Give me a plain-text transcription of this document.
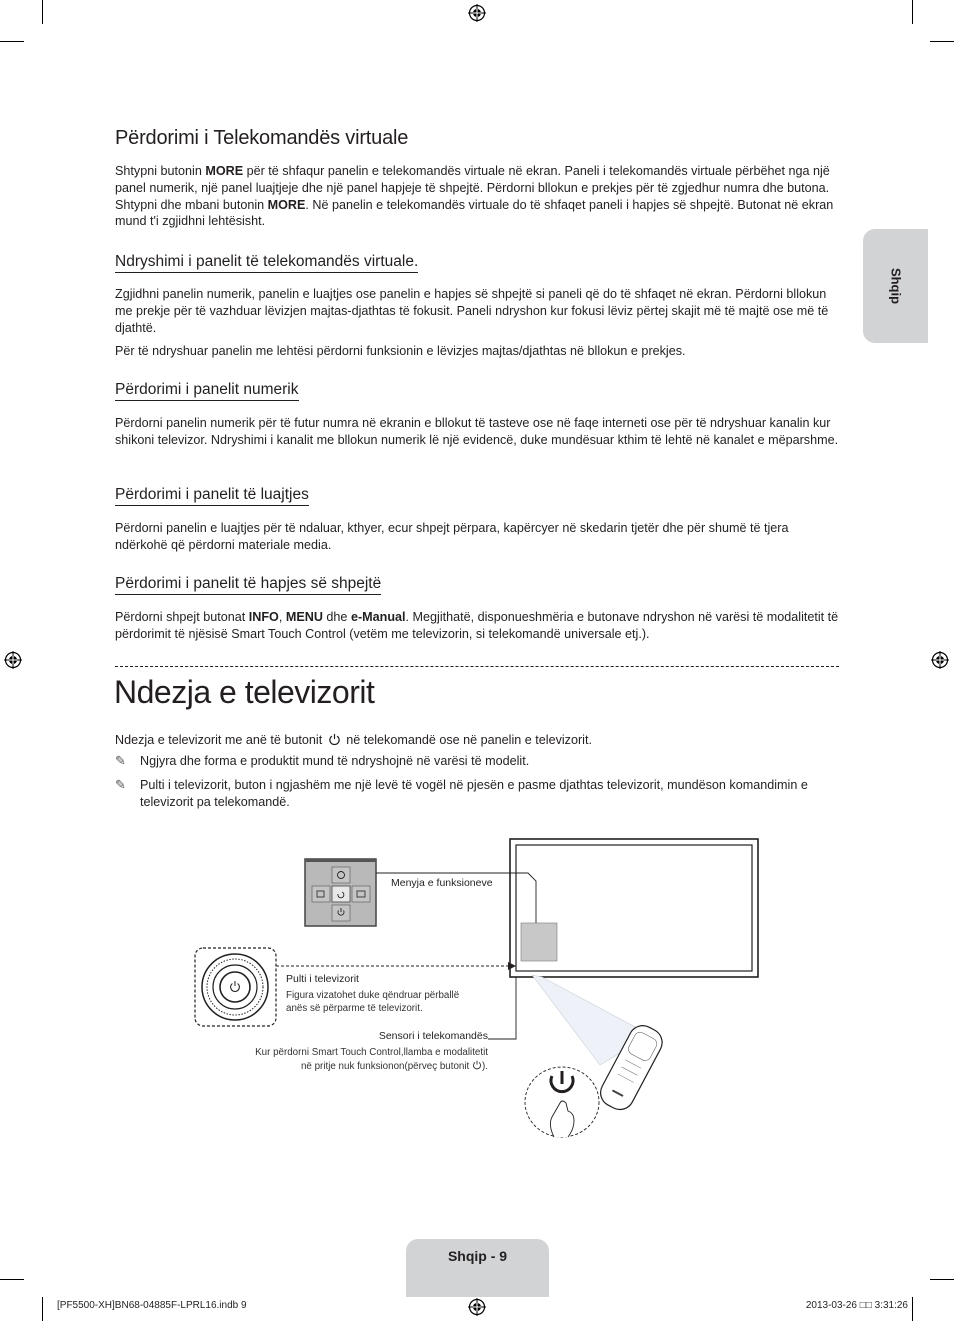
Shqip
Përdorimi i Telekomandës virtuale

Shtypni butonin MORE për të shfaqur panelin e telekomandës virtuale në ekran. Paneli i telekomandës virtuale përbëhet nga një panel numerik, një panel luajtjeje dhe një panel hapjeje të shpejtë. Përdorni bllokun e prekjes për të zgjedhur numra dhe butona. Shtypni dhe mbani butonin MORE. Në panelin e telekomandës virtuale do të shfaqet paneli i hapjes së shpejtë. Butonat në ekran mund t'i zgjidhni lehtësisht.

Ndryshimi i panelit të telekomandës virtuale.

Zgjidhni panelin numerik, panelin e luajtjes ose panelin e hapjes së shpejtë si paneli që do të shfaqet në ekran. Përdorni bllokun me prekje për të vazhduar lëvizjen majtas-djathtas të fokusit. Paneli ndryshon kur fokusi lëviz përtej skajit më të majtë ose më të djathtë.

Për të ndryshuar panelin me lehtësi përdorni funksionin e lëvizjes majtas/djathtas në bllokun e prekjes.

Përdorimi i panelit numerik

Përdorni panelin numerik për të futur numra në ekranin e bllokut të tasteve ose në faqe interneti ose për të ndryshuar kanalin kur shikoni televizor. Ndryshimi i kanalit me bllokun numerik lë një evidencë, duke mundësuar kthim të lehtë në kanalet e mëparshme.

Përdorimi i panelit të luajtjes

Përdorni panelin e luajtjes për të ndaluar, kthyer, ecur shpejt përpara, kapërcyer në skedarin tjetër dhe për shumë të tjera ndërkohë që përdorni materiale media.

Përdorimi i panelit të hapjes së shpejtë

Përdorni shpejt butonat INFO, MENU dhe e-Manual. Megjithatë, disponueshmëria e butonave ndryshon në varësi të modalitetit të përdorimit të njësisë Smart Touch Control (vetëm me televizorin, si telekomandë universale etj.).

Ndezja e televizorit
Ndezja e televizorit me anë të butonit në telekomandë ose në panelin e televizorit.
✎	Ngjyra dhe forma e produktit mund të ndryshojnë në varësi të modelit.
✎	Pulti i televizorit, buton i ngjashëm me një levë të vogël në pjesën e pasme djathtas televizorit, mundëson komandimin e televizorit pa telekomandë.
Menyja e funksioneve
Pulti i televizorit
Figura vizatohet duke qëndruar përballë
anës së përparme të televizorit.
Sensori i telekomandës
Kur përdorni Smart Touch Control,llamba e modalitetit
në pritje nuk funksionon(përveç butonit ).
Shqip - 9
[PF5500-XH]BN68-04885F-LPRL16.indb 9	2013-03-26 □□ 3:31:26
